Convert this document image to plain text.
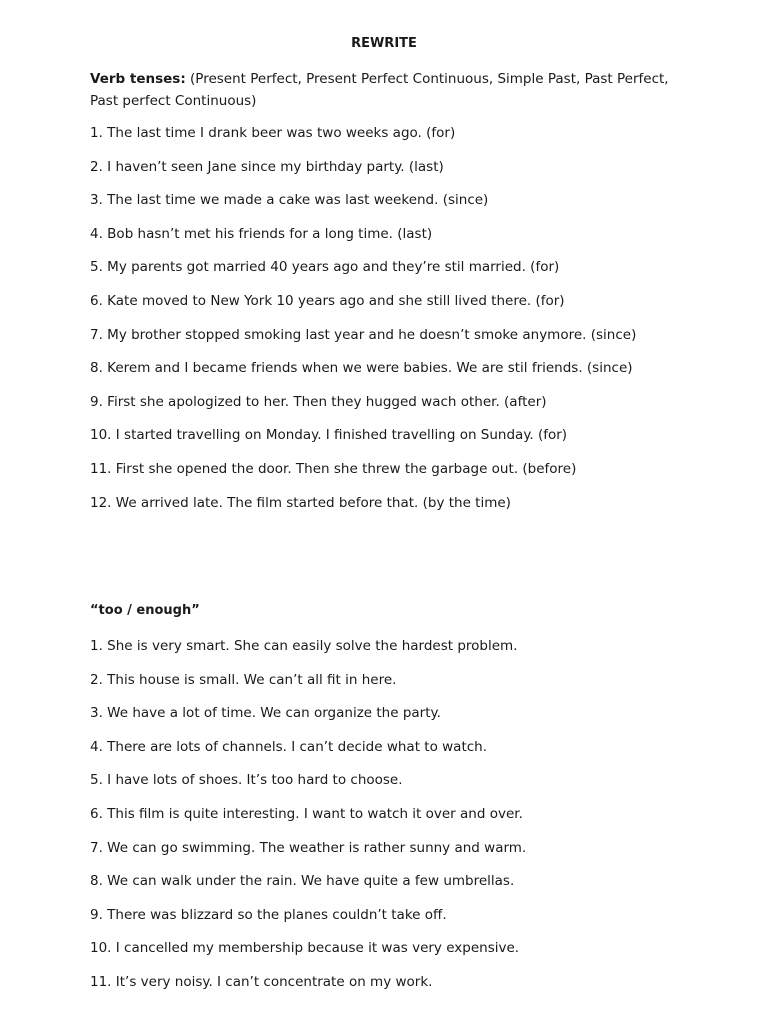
REWRITE
Verb tenses: (Present Perfect, Present Perfect Continuous, Simple Past, Past Perfect, Past perfect Continuous)
1. The last time I drank beer was two weeks ago. (for)
2. I haven’t seen Jane since my birthday party. (last)
3. The last time we made a cake was last weekend. (since)
4. Bob hasn’t met his friends for a long time. (last)
5. My parents got married 40 years ago and they’re stil married. (for)
6. Kate moved to New York 10 years ago and she still lived there. (for)
7. My brother stopped smoking last year and he doesn’t smoke anymore. (since)
8. Kerem and I became friends when we were babies. We are stil friends. (since)
9. First she apologized to her. Then they hugged wach other. (after)
10. I started travelling on Monday. I finished travelling on Sunday. (for)
11. First she opened the door. Then she threw the garbage out. (before)
12. We arrived late. The film started before that. (by the time)
“too / enough”
1. She is very smart. She can easily solve the hardest problem.
2. This house is small. We can’t all fit in here.
3. We have a lot of time. We can organize the party.
4. There are lots of channels. I can’t decide what to watch.
5. I have lots of shoes. It’s too hard to choose.
6. This film is quite interesting. I want to watch it over and over.
7. We can go swimming. The weather is rather sunny and warm.
8. We can walk under the rain. We have quite a few umbrellas.
9. There was blizzard so the planes couldn’t take off.
10. I cancelled my membership because it was very expensive.
11. It’s very noisy. I can’t concentrate on my work.
